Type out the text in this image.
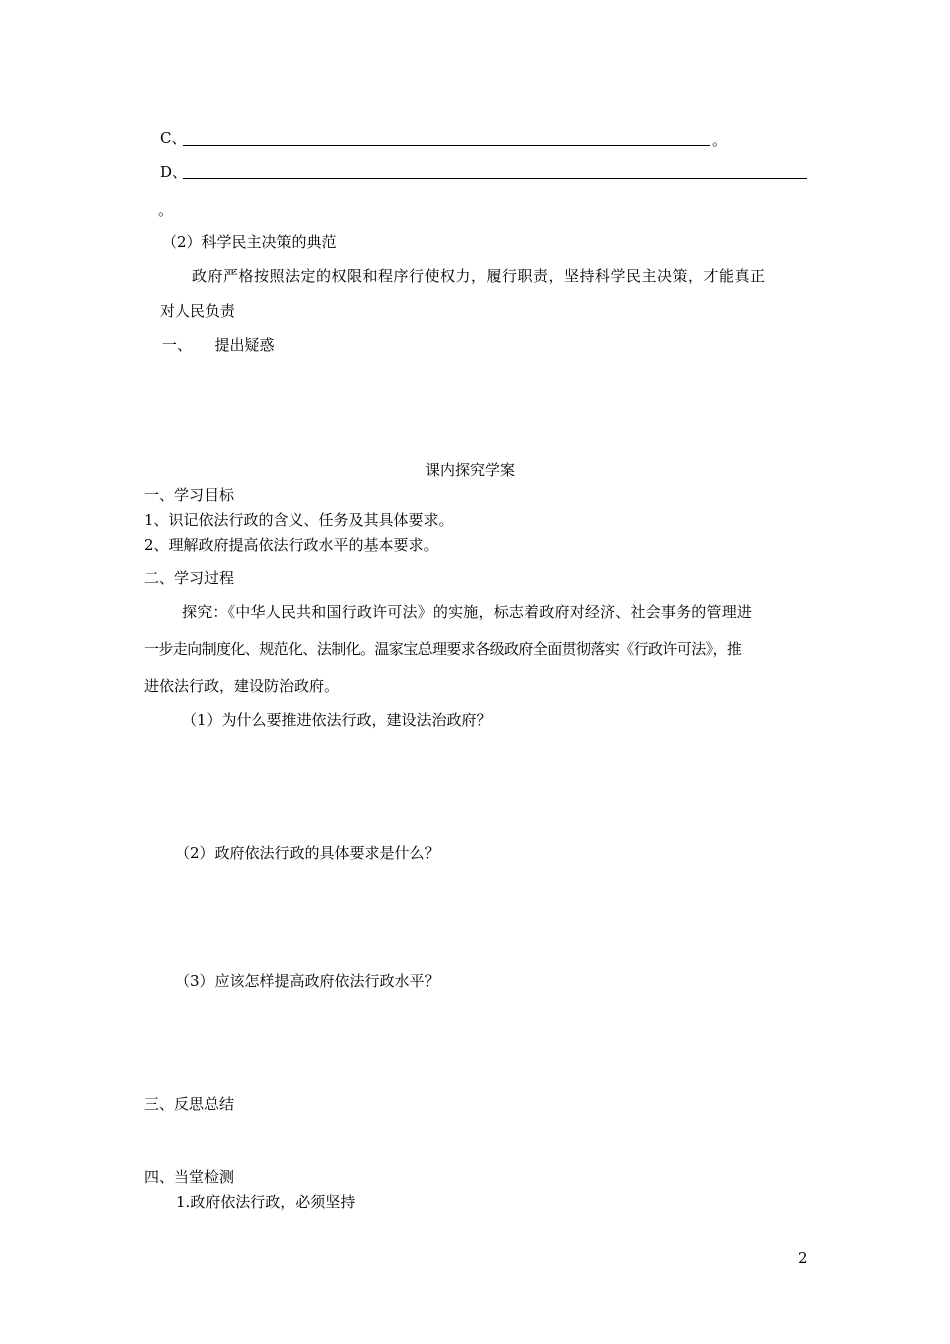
C、	。
D、
。
（2）科学民主决策的典范
政府严格按照法定的权限和程序行使权力，履行职责，坚持科学民主决策，才能真正
对人民负责
一、　　提出疑惑
课内探究学案
一、学习目标
1、识记依法行政的含义、任务及其具体要求。
2、理解政府提高依法行政水平的基本要求。
二、学习过程
探究：《中华人民共和国行政许可法》的实施，标志着政府对经济、社会事务的管理进
一步走向制度化、规范化、法制化。温家宝总理要求各级政府全面贯彻落实《行政许可法》，推
进依法行政，建设防治政府。
（1）为什么要推进依法行政，建设法治政府？
（2）政府依法行政的具体要求是什么？
（3）应该怎样提高政府依法行政水平？
三、反思总结
四、当堂检测
1.政府依法行政，必须坚持
2
